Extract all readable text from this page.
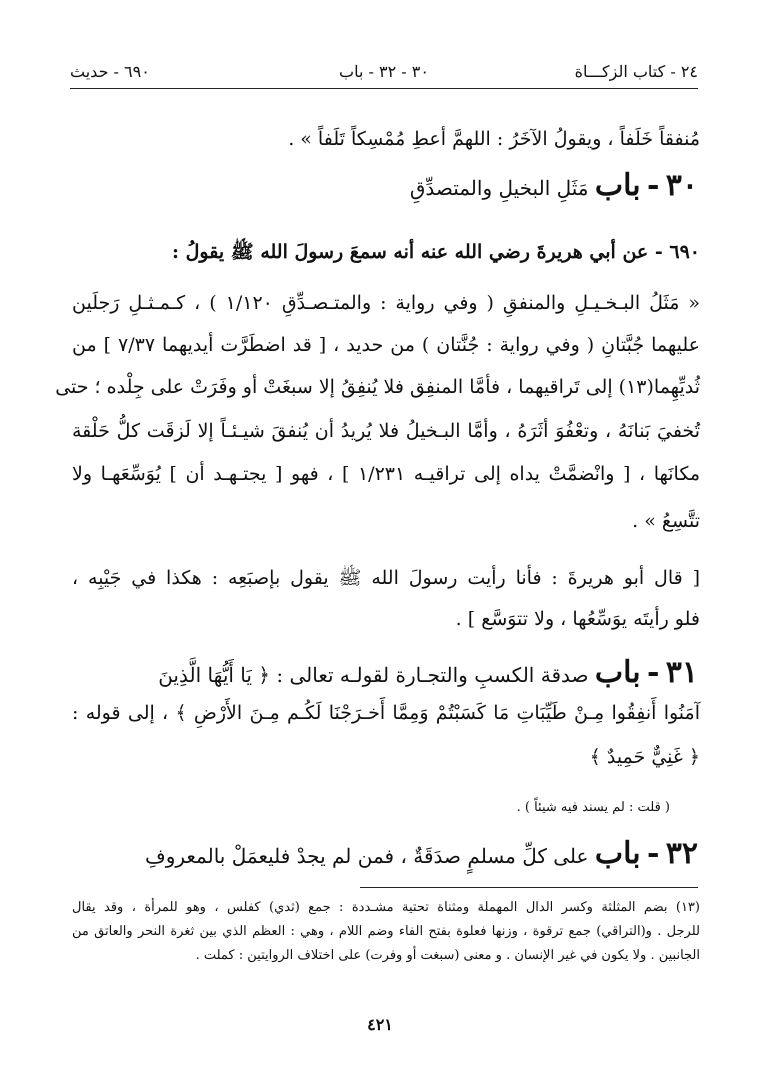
٢٤ - كتاب الزكـــاة
٣٠ - ٣٢ - باب
٦٩٠ - حديث
مُنفقاً خَلَفاً ، ويقولُ الآخَرُ : اللهمَّ أعطِ مُمْسِكاً تَلَفاً » .
٣٠ - باب مَثَلِ البخيلِ والمتصدِّقِ
٦٩٠ - عن أبي هريرةَ رضي الله عنه أنه سمعَ رسولَ الله ﷺ يقولُ :
« مَثَلُ البـخـيـلِ والمنفقِ ( وفي رواية : والمتـصـدِّقِ ١/١٢٠ ) ، كـمـثـلِ رَجلَين
عليهما جُبَّتانِ ( وفي رواية : جُنَّتان ) من حديد ، [ قد اضطَرَّت أيديهما ٧/٣٧ ] من
ثُديِّهِما(١٣) إلى تَراقيهما ، فأمَّا المنفِق فلا يُنفِقُ إلا سبغَتْ أو وفَرَتْ على جِلْده ؛ حتى
تُخفيَ بَنانَهُ ، وتعْفُوَ أثَرَهُ ، وأمَّا البـخيلُ فلا يُريدُ أن يُنفقَ شيـئـاً إلا لَزقَت كلُّ حَلْقة
مكانَها ، [ وانْضمَّتْ يداه إلى تراقيـه ١/٢٣١ ] ، فهو [ يجتـهـد أن ] يُوَسِّعَهـا ولا
تتَّسِعُ » .
[ قال أبو هريرةَ : فأنا رأيت رسولَ الله ﷺ يقول بإصبَعِه : هكذا في جَيْبِه ،
فلو رأيتَه يوَسِّعُها ، ولا تتوَسَّع ] .
٣١ - باب صدقة الكسبِ والتجـارة لقولـه تعالى : ﴿ يَا أَيُّهَا الَّذِينَ
آمَنُوا أَنفِقُوا مِـنْ طَيِّبَاتِ مَا كَسَبْتُمْ وَمِمَّا أَخـرَجْنَا لَكُـم مِـنَ الأَرْضِ ﴾ ، إلى قوله :
﴿ غَنِيٌّ حَمِيدٌ ﴾
( قلت : لم يسند فيه شيئاً ) .
٣٢ - باب على كلِّ مسلمٍ صدَقَةٌ ، فمن لم يجدْ فليعمَلْ بالمعروفِ
(١٣) بضم المثلثة وكسر الدال المهملة ومثناة تحتية مشـددة : جمع (ثدي) كفلس ، وهو للمرأة ، وقد يقال
للرجل . و(التراقي) جمع ترقوة ، وزنها فعلوة بفتح الفاء وضم اللام ، وهي : العظم الذي بين ثغرة النحر والعاتق من
الجانبين . ولا يكون في غير الإنسان . و معنى (سبغت أو وفرت) على اختلاف الروايتين : كملت .
٤٢١
